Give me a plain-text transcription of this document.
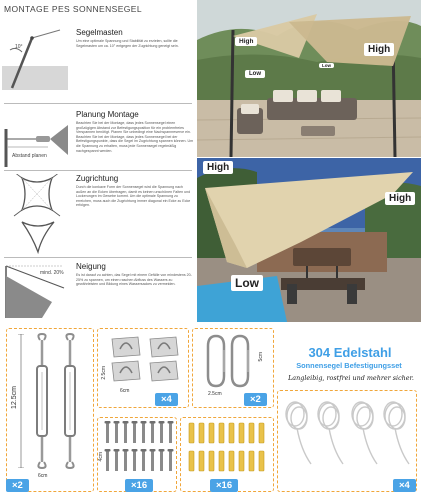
MONTAGE PES SONNENSEGEL
10°
Segelmasten
Um eine optimale Spannung und Stabilität zu erzielen, sollte die Segelmasten um ca. 10° entgegen der Zugrichtung geneigt sein.
Abstand planen
Planung Montage
Beachten Sie bei der Montage, dass jedes Sonnensegel einen großzügigen Abstand zur Befestigungsposition für ein problemfreies Verspannen benötigt. Planen Sie unbedingt eine Nachspannreserve ein. Beachten Sie bei der Montage, dass jedes Sonnensegel bei der Befestigungspunkte, dass die Segel im Zugrichtung spannen können. Um die Spannung zu erhalten, muss jede Sonnensegel regelmäßig nachgespannt werden.
Zugrichtung
Durch die konkave Form der Sonnensegel wird die Spannung nach außen an die Ecken übertragen, damit es keinen unschönen Falten und Lockerungen im Gewebe kommt. Um die optimale Spannung zu erreichen, muss auch die Zugrichtung immer diagonal ein Ecke zu Ecke erfolgen.
mind. 20%
Neigung
Es ist darauf zu achten, das Segel mit einem Gefälle von mindestens 20-25% zu spannen, um einen raschen Abfluss des Wassers zu gewährleisten und Bildung eines Wassersackes zu vermeiden.
High
High
Low
Low
High
High
Low
12.5cm
6cm
×2
2.5cm
6cm
×4
5cm
2.5cm	×2
4cm
×16	×16
304 Edelstahl
Sonnensegel Befestigungsset
Langleibig, rostfrei und mehrer sicher.
×4
